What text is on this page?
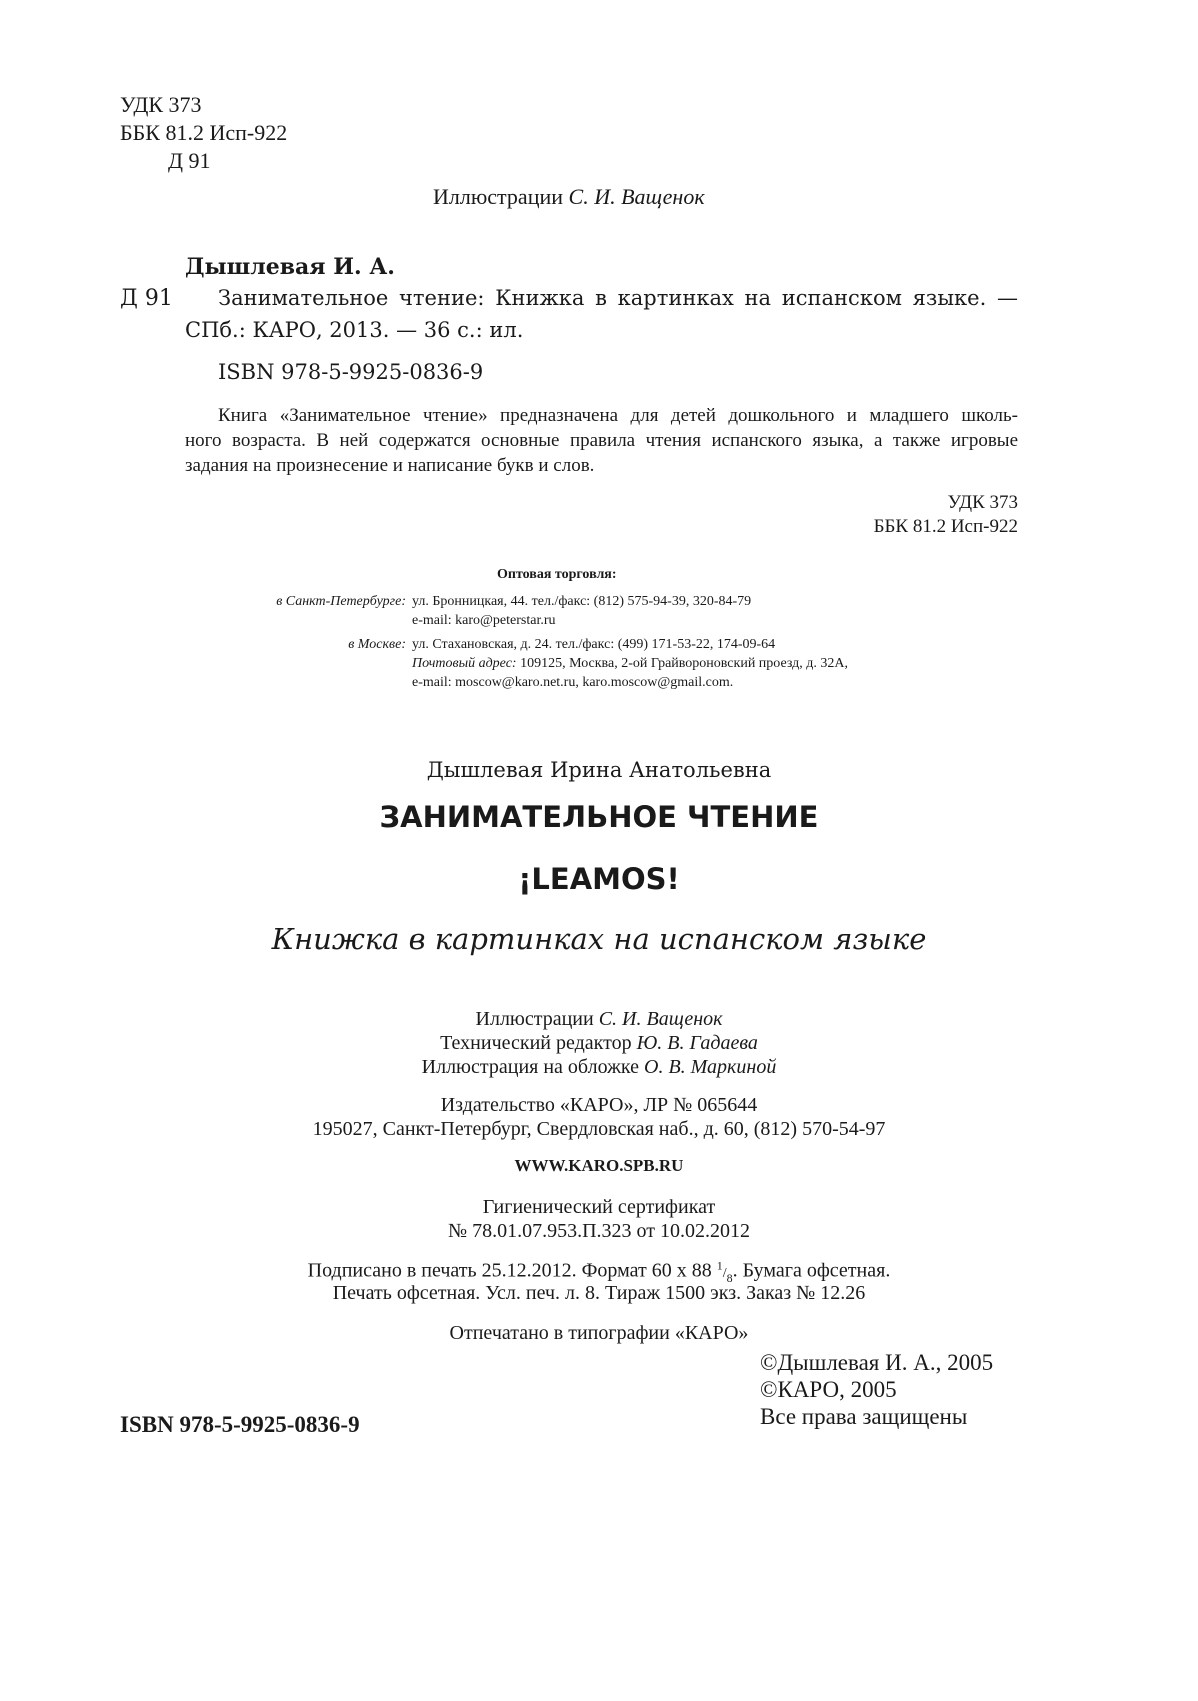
УДК 373
ББК 81.2 Исп-922
Д 91
Иллюстрации С. И. Ващенок
Дышлевая И. А.
Д 91 Занимательное чтение: Книжка в картинках на испанском языке. —
СПб.: КАРО, 2013. — 36 с.: ил.
ISBN 978-5-9925-0836-9
Книга «Занимательное чтение» предназначена для детей дошкольного и младшего школь-
ного возраста. В ней содержатся основные правила чтения испанского языка, а также игровые
задания на произнесение и написание букв и слов.
УДК 373
ББК 81.2 Исп-922
Оптовая торговля:
в Санкт-Петербурге: ул. Бронницкая, 44. тел./факс: (812) 575-94-39, 320-84-79
e-mail: karo@peterstar.ru
в Москве: ул. Стахановская, д. 24. тел./факс: (499) 171-53-22, 174-09-64
Почтовый адрес: 109125, Москва, 2-ой Грайвороновский проезд, д. 32А,
e-mail: moscow@karo.net.ru, karo.moscow@gmail.com.
Дышлевая Ирина Анатольевна
ЗАНИМАТЕЛЬНОЕ ЧТЕНИЕ
¡LEAMOS!
Книжка в картинках на испанском языке
Иллюстрации С. И. Ващенок
Технический редактор Ю. В. Гадаева
Иллюстрация на обложке О. В. Маркиной
Издательство «КАРО», ЛР № 065644
195027, Санкт-Петербург, Свердловская наб., д. 60, (812) 570-54-97
WWW.KARO.SPB.RU
Гигиенический сертификат
№ 78.01.07.953.П.323 от 10.02.2012
Подписано в печать 25.12.2012. Формат 60 х 88 $^1/_8$. Бумага офсетная.
Печать офсетная. Усл. печ. л. 8. Тираж 1500 экз. Заказ № 12.26
Отпечатано в типографии «КАРО»
©Дышлевая И. А., 2005
©КАРО, 2005
Все права защищены
ISBN 978-5-9925-0836-9
